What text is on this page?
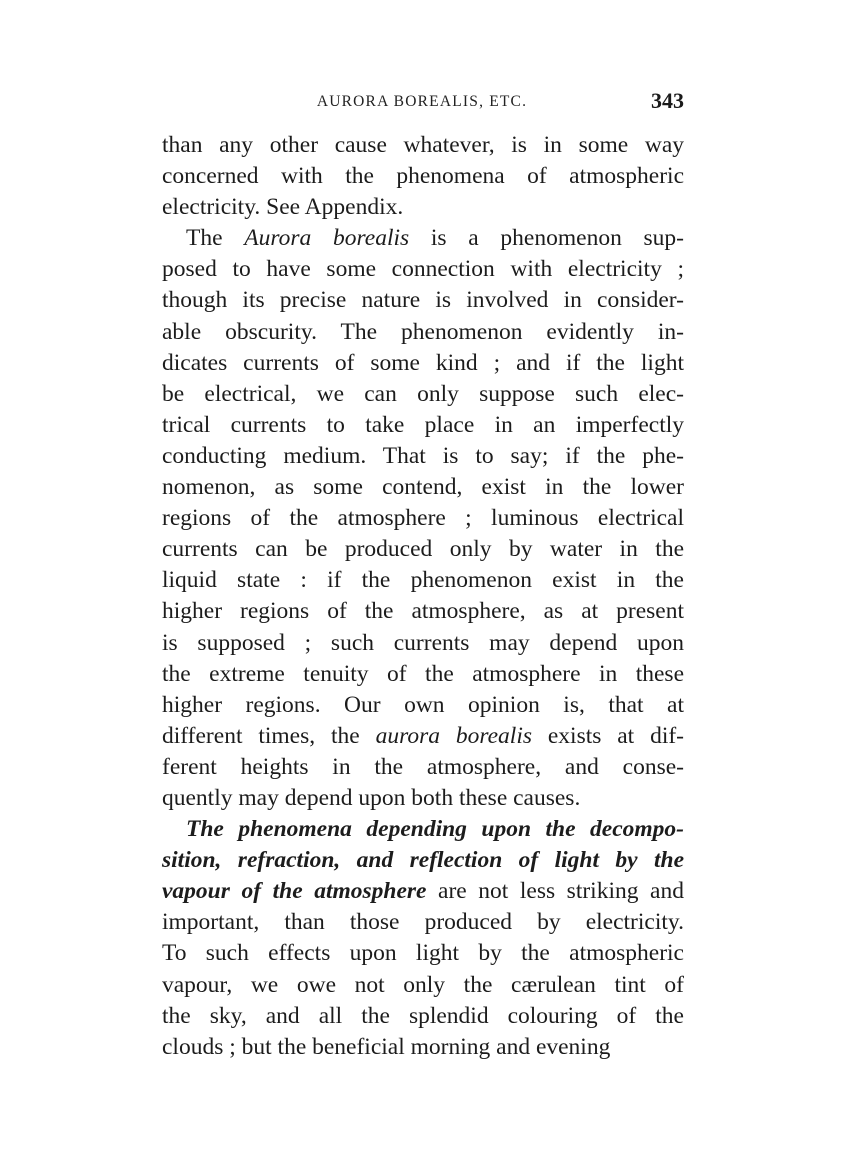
AURORA BOREALIS, ETC.	343
than any other cause whatever, is in some way
concerned with the phenomena of atmospheric
electricity. See Appendix.
The Aurora borealis is a phenomenon sup-
posed to have some connection with electricity ;
though its precise nature is involved in consider-
able obscurity. The phenomenon evidently in-
dicates currents of some kind ; and if the light
be electrical, we can only suppose such elec-
trical currents to take place in an imperfectly
conducting medium. That is to say; if the phe-
nomenon, as some contend, exist in the lower
regions of the atmosphere ; luminous electrical
currents can be produced only by water in the
liquid state : if the phenomenon exist in the
higher regions of the atmosphere, as at present
is supposed ; such currents may depend upon
the extreme tenuity of the atmosphere in these
higher regions. Our own opinion is, that at
different times, the aurora borealis exists at dif-
ferent heights in the atmosphere, and conse-
quently may depend upon both these causes.
The phenomena depending upon the decompo-
sition, refraction, and reflection of light by the
vapour of the atmosphere are not less striking and
important, than those produced by electricity.
To such effects upon light by the atmospheric
vapour, we owe not only the cærulean tint of
the sky, and all the splendid colouring of the
clouds ; but the beneficial morning and evening
